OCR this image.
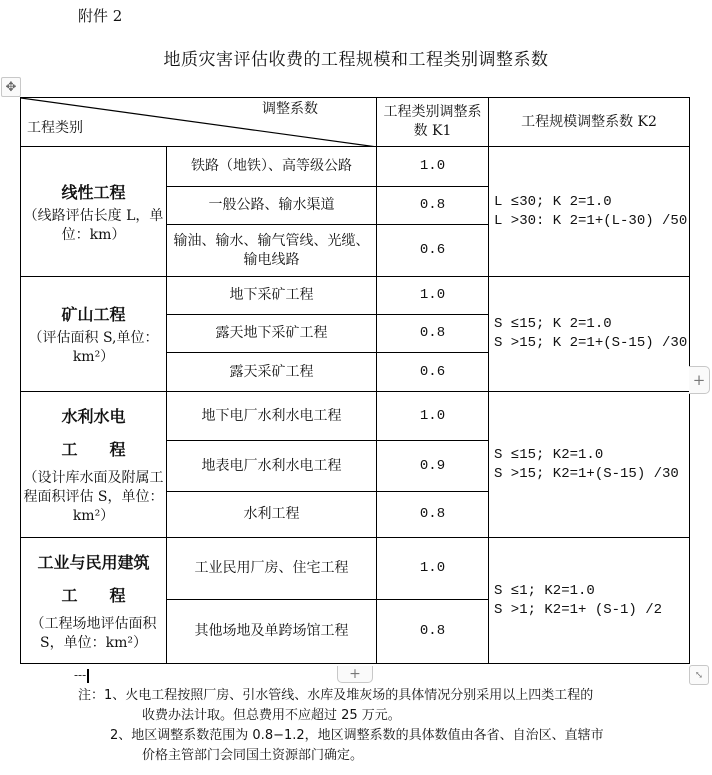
附件 2
地质灾害评估收费的工程规模和工程类别调整系数
✥
调整系数
工程类别		工程类别调整系数 K1	工程规模调整系数 K2

线性工程
（线路评估长度 L，单位：km）	铁路（地铁）、高等级公路	1.0	
L ≤30; K 2=1.0
L >30: K 2=1+(L-30) /50

	一般公路、输水渠道	0.8	
	输油、输水、输气管线、光缆、输电线路	0.6	

矿山工程
（评估面积 S,单位：km²）	地下采矿工程	1.0	
S ≤15; K 2=1.0
S >15; K 2=1+(S-15) /30

	露天地下采矿工程	0.8	
	露天采矿工程	0.6	

水利水电
工　　程
（设计库水面及附属工程面积评估 S，单位：km²）	地下电厂水利水电工程	1.0	
S ≤15; K2=1.0
S >15; K2=1+(S-15) /30

	地表电厂水利水电工程	0.9	
	水利工程	0.8	

工业与民用建筑
工　　程
（工程场地评估面积 S，单位：km²）	工业民用厂房、住宅工程	1.0	
S ≤1; K2=1.0
S >1; K2=1+ (S-1) /2

	其他场地及单跨场馆工程	0.8	
+
+	⤡
---
注：1、火电工程按照厂房、引水管线、水库及堆灰场的具体情况分别采用以上四类工程的
收费办法计取。但总费用不应超过 25 万元。
2、地区调整系数范围为 0.8−1.2，地区调整系数的具体数值由各省、自治区、直辖市
价格主管部门会同国土资源部门确定。
